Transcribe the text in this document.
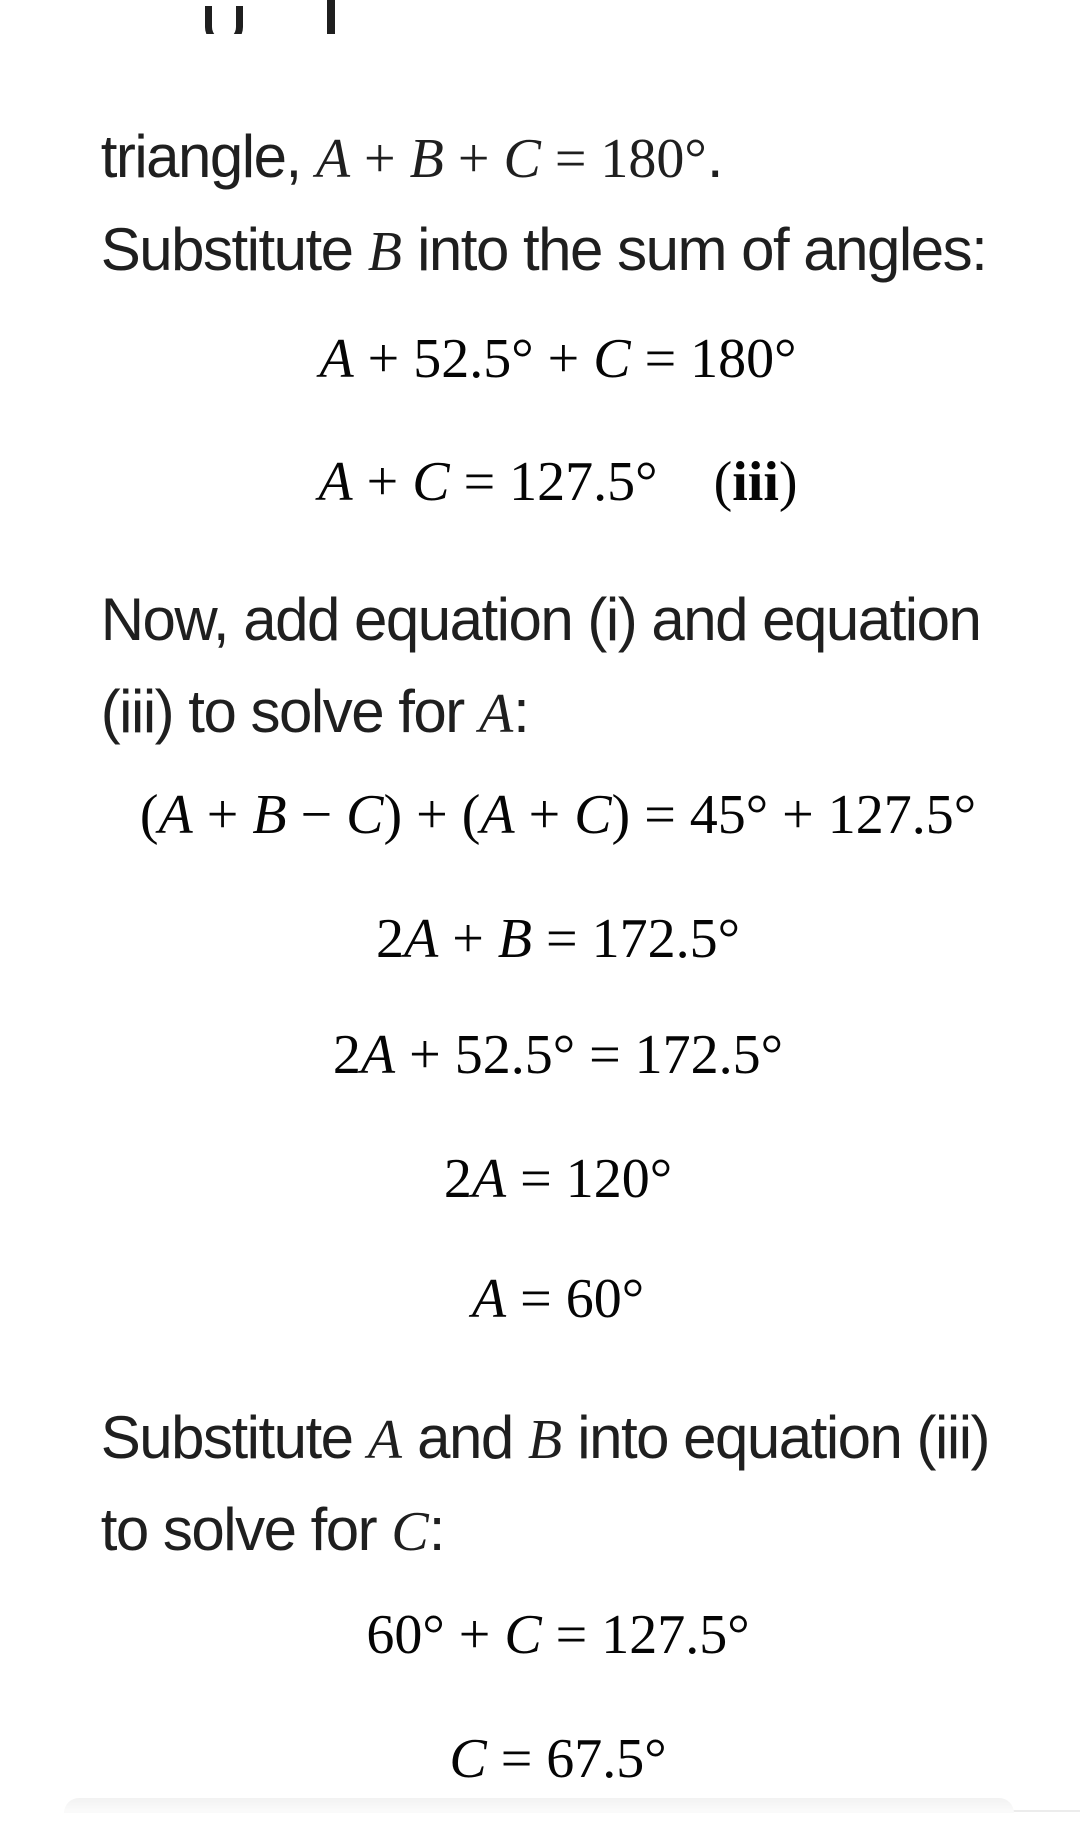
triangle, A + B + C = 180°.

Substitute B into the sum of angles:

A + 52.5° + C = 180°

A + C = 127.5° (iii)

Now, add equation (i) and equation

(iii) to solve for A:

(A + B − C) + (A + C) = 45° + 127.5°

2A + B = 172.5°

2A + 52.5° = 172.5°

2A = 120°

A = 60°

Substitute A and B into equation (iii)

to solve for C:

60° + C = 127.5°

C = 67.5°
